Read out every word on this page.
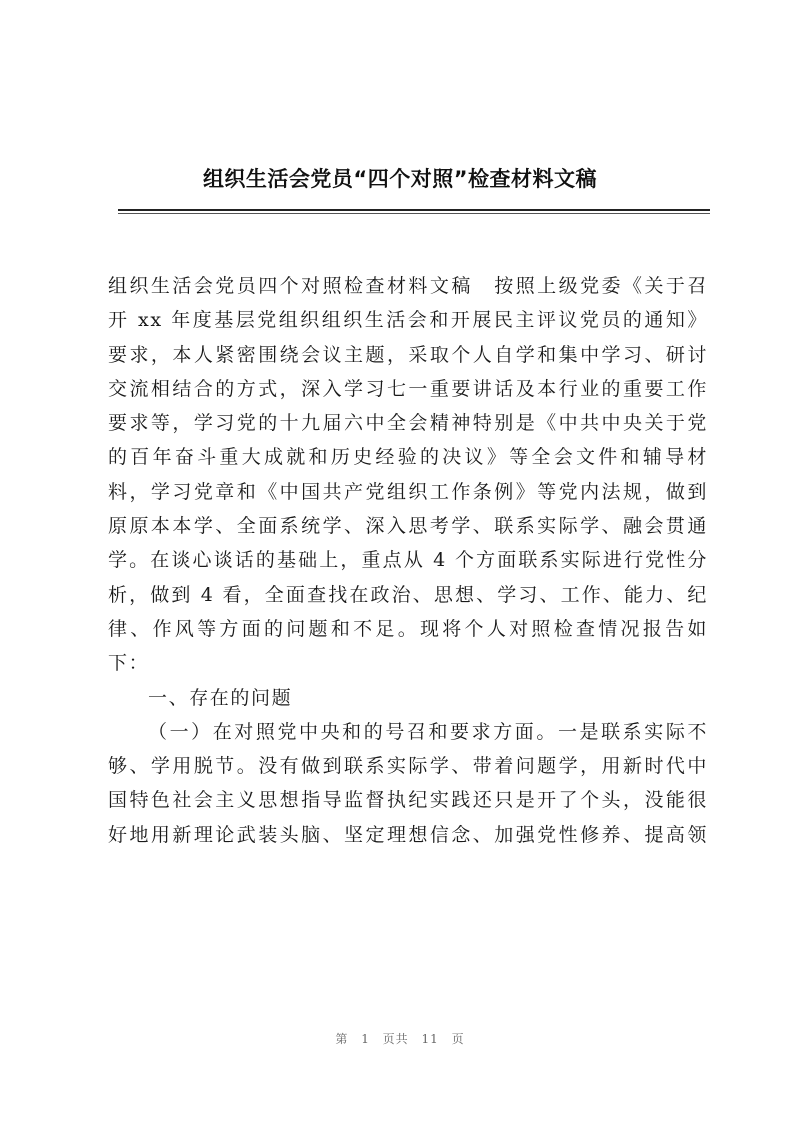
组织生活会党员“四个对照”检查材料文稿
组织生活会党员四个对照检查材料文稿　按照上级党委《关于召
开 xx 年度基层党组织组织生活会和开展民主评议党员的通知》
要求，本人紧密围绕会议主题，采取个人自学和集中学习、研讨
交流相结合的方式，深入学习七一重要讲话及本行业的重要工作
要求等，学习党的十九届六中全会精神特别是《中共中央关于党
的百年奋斗重大成就和历史经验的决议》等全会文件和辅导材
料，学习党章和《中国共产党组织工作条例》等党内法规，做到
原原本本学、全面系统学、深入思考学、联系实际学、融会贯通
学。在谈心谈话的基础上，重点从 4 个方面联系实际进行党性分
析，做到 4 看，全面查找在政治、思想、学习、工作、能力、纪
律、作风等方面的问题和不足。现将个人对照检查情况报告如
下：
一、存在的问题
（一）在对照党中央和的号召和要求方面。一是联系实际不
够、学用脱节。没有做到联系实际学、带着问题学，用新时代中
国特色社会主义思想指导监督执纪实践还只是开了个头，没能很
好地用新理论武装头脑、坚定理想信念、加强党性修养、提高领
第 1 页共 11 页
